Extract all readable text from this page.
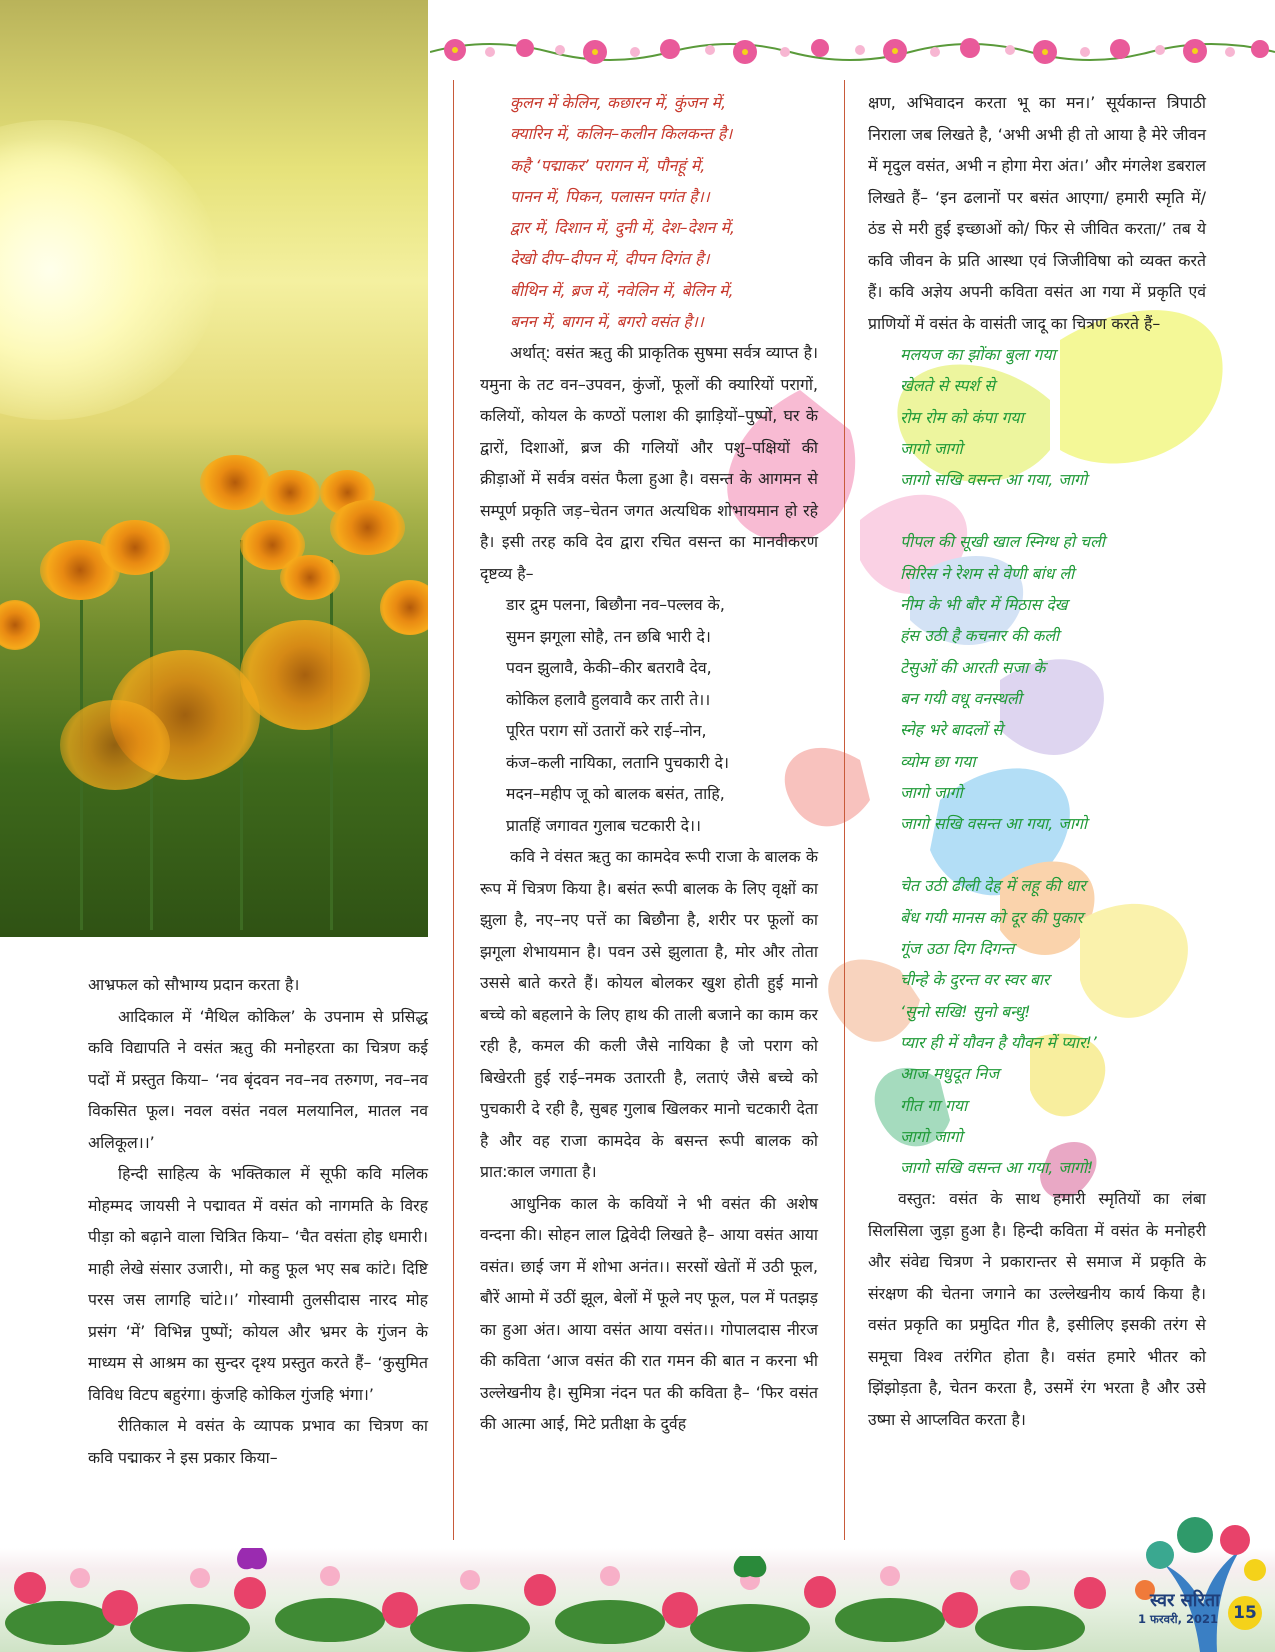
आभ्रफल को सौभाग्य प्रदान करता है।

आदिकाल में ‘मैथिल कोकिल’ के उपनाम से प्रसिद्ध कवि विद्यापति ने वसंत ऋतु की मनोहरता का चित्रण कई पदों में प्रस्तुत किया– ‘नव बृंदवन नव–नव तरुगण, नव–नव विकसित फूल। नवल वसंत नवल मलयानिल, मातल नव अलिकूल।।’

हिन्दी साहित्य के भक्तिकाल में सूफी कवि मलिक मोहम्मद जायसी ने पद्मावत में वसंत को नागमति के विरह पीड़ा को बढ़ाने वाला चित्रित किया– ‘चैत वसंता होइ धमारी। माही लेखे संसार उजारी।, मो कहु फूल भए सब कांटे। दिष्टि परस जस लागहि चांटे।।’ गोस्वामी तुलसीदास नारद मोह प्रसंग ‘में’ विभिन्न पुष्पों; कोयल और भ्रमर के गुंजन के माध्यम से आश्रम का सुन्दर दृश्य प्रस्तुत करते हैं– ‘कुसुमित विविध विटप बहुरंगा। कुंजहि कोकिल गुंजहि भंगा।’

रीतिकाल मे वसंत के व्यापक प्रभाव का चित्रण का कवि पद्माकर ने इस प्रकार किया–

कुलन में केलिन, कछारन में, कुंजन में,

क्यारिन में, कलिन–कलीन किलकन्त है।

कहै ‘पद्माकर’ परागन में, पौनहूं में,

पानन में, पिकन, पलासन पगंत है।।

द्वार में, दिशान में, दुनी में, देश–देशन में,

देखो दीप–दीपन में, दीपन दिगंत है।

बीथिन में, ब्रज में, नवेलिन में, बेलिन में,

बनन में, बागन में, बगरो वसंत है।।

अर्थात्: वसंत ऋतु की प्राकृतिक सुषमा सर्वत्र व्याप्त है। यमुना के तट वन–उपवन, कुंजों, फूलों की क्यारियों परागों, कलियों, कोयल के कण्ठों पलाश की झाड़ियों–पुष्पों, घर के द्वारों, दिशाओं, ब्रज की गलियों और पशु–पक्षियों की क्रीड़ाओं में सर्वत्र वसंत फैला हुआ है। वसन्त के आगमन से सम्पूर्ण प्रकृति जड़–चेतन जगत अत्यधिक शोभायमान हो रहे है। इसी तरह कवि देव द्वारा रचित वसन्त का मानवीकरण दृष्टव्य है–

डार द्रुम पलना, बिछौना नव–पल्लव के,

सुमन झगूला सोहै, तन छबि भारी दे।

पवन झुलावै, केकी–कीर बतरावै देव,

कोकिल हलावै हुलवावै कर तारी ते।।

पूरित पराग सों उतारों करे राई–नोन,

कंज–कली नायिका, लतानि पुचकारी दे।

मदन–महीप जू को बालक बसंत, ताहि,

प्रातहिं जगावत गुलाब चटकारी दे।।

कवि ने वंसत ऋतु का कामदेव रूपी राजा के बालक के रूप में चित्रण किया है। बसंत रूपी बालक के लिए वृक्षों का झुला है, नए–नए पत्तें का बिछौना है, शरीर पर फूलों का झगूला शेभायमान है। पवन उसे झुलाता है, मोर और तोता उससे बाते करते हैं। कोयल बोलकर खुश होती हुई मानो बच्चे को बहलाने के लिए हाथ की ताली बजाने का काम कर रही है, कमल की कली जैसे नायिका है जो पराग को बिखेरती हुई राई–नमक उतारती है, लताएं जैसे बच्चे को पुचकारी दे रही है, सुबह गुलाब खिलकर मानो चटकारी देता है और वह राजा कामदेव के बसन्त रूपी बालक को प्रात:काल जगाता है।

आधुनिक काल के कवियों ने भी वसंत की अशेष वन्दना की। सोहन लाल द्विवेदी लिखते है– आया वसंत आया वसंत। छाई जग में शोभा अनंत।। सरसों खेतों में उठी फूल, बौरें आमो में उठीं झूल, बेलों में फूले नए फूल, पल में पतझड़ का हुआ अंत। आया वसंत आया वसंत।। गोपालदास नीरज की कविता ‘आज वसंत की रात गमन की बात न करना भी उल्लेखनीय है। सुमित्रा नंदन पत की कविता है– ‘फिर वसंत की आत्मा आई, मिटे प्रतीक्षा के दुर्वह

क्षण, अभिवादन करता भू का मन।’ सूर्यकान्त त्रिपाठी निराला जब लिखते है, ‘अभी अभी ही तो आया है मेरे जीवन में मृदुल वसंत, अभी न होगा मेरा अंत।’ और मंगलेश डबराल लिखते हैं– ‘इन ढलानों पर बसंत आएगा/ हमारी स्मृति में/ ठंड से मरी हुई इच्छाओं को/ फिर से जीवित करता/’ तब ये कवि जीवन के प्रति आस्था एवं जिजीविषा को व्यक्त करते हैं। कवि अज्ञेय अपनी कविता वसंत आ गया में प्रकृति एवं प्राणियों में वसंत के वासंती जादू का चित्रण करते हैं–

मलयज का झोंका बुला गया

खेलते से स्पर्श से

रोम रोम को कंपा गया

जागो जागो

जागो सखि वसन्त आ गया, जागो

पीपल की सूखी खाल स्निग्ध हो चली

सिरिस ने रेशम से वेणी बांध ली

नीम के भी बौर में मिठास देख

हंस उठी है कचनार की कली

टेसुओं की आरती सजा के

बन गयी वधू वनस्थली

स्नेह भरे बादलों से

व्योम छा गया

जागो जागो

जागो सखि वसन्त आ गया, जागो

चेत उठी ढीली देह में लहू की धार

बेंध गयी मानस को दूर की पुकार

गूंज उठा दिग दिगन्त

चीन्हे के दुरन्त वर स्वर बार

‘सुनो सखि! सुनो बन्धु!

प्यार ही में यौवन है यौवन में प्यार!’

आज मधुदूत निज

गीत गा गया

जागो जागो

जागो सखि वसन्त आ गया, जागो!

वस्तुत: वसंत के साथ हमारी स्मृतियों का लंबा सिलसिला जुड़ा हुआ है। हिन्दी कविता में वसंत के मनोहरी और संवेद्य चित्रण ने प्रकारान्तर से समाज में प्रकृति के संरक्षण की चेतना जगाने का उल्लेखनीय कार्य किया है। वसंत प्रकृति का प्रमुदित गीत है, इसीलिए इसकी तरंग से समूचा विश्व तरंगित होता है। वसंत हमारे भीतर को झिंझोड़ता है, चेतन करता है, उसमें रंग भरता है और उसे उष्मा से आप्लवित करता है।

स्वर सरिता
1 फरवरी, 2021 15
